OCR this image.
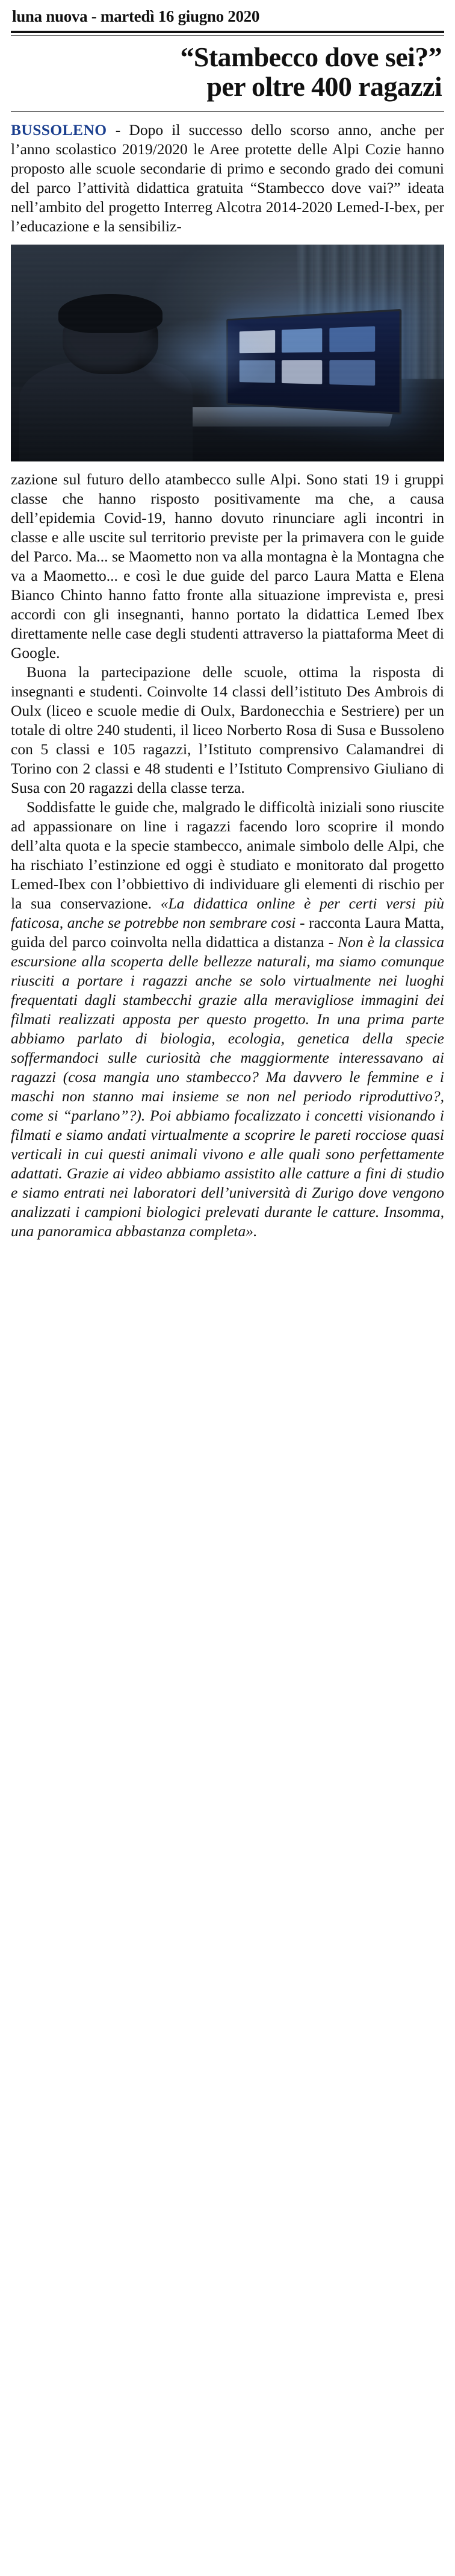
luna nuova - martedì 16 giugno 2020
“Stambecco dove sei?”
per oltre 400 ragazzi

BUSSOLENO - Dopo il successo dello scorso anno, anche per l’anno scolastico 2019/2020 le Aree protette delle Alpi Cozie hanno proposto alle scuole secondarie di primo e secondo grado dei comuni del parco l’attività didattica gratuita “Stambecco dove vai?” ideata nell’ambito del progetto Interreg Alcotra 2014-2020 Lemed-I-bex, per l’educazione e la sensibiliz-

zazione sul futuro dello atambecco sulle Alpi. Sono stati 19 i gruppi classe che hanno risposto positivamente ma che, a causa dell’epidemia Covid-19, hanno dovuto rinunciare agli incontri in classe e alle uscite sul territorio previste per la primavera con le guide del Parco. Ma... se Maometto non va alla montagna è la Montagna che va a Maometto... e così le due guide del parco Laura Matta e Elena Bianco Chinto hanno fatto fronte alla situazione imprevista e, presi accordi con gli insegnanti, hanno portato la didattica Lemed Ibex direttamente nelle case degli studenti attraverso la piattaforma Meet di Google.

Buona la partecipazione delle scuole, ottima la risposta di insegnanti e studenti. Coinvolte 14 classi dell’istituto Des Ambrois di Oulx (liceo e scuole medie di Oulx, Bardonecchia e Sestriere) per un totale di oltre 240 studenti, il liceo Norberto Rosa di Susa e Bussoleno con 5 classi e 105 ragazzi, l’Istituto comprensivo Calamandrei di Torino con 2 classi e 48 studenti e l’Istituto Comprensivo Giuliano di Susa con 20 ragazzi della classe terza.

Soddisfatte le guide che, malgrado le difficoltà iniziali sono riuscite ad appassionare on line i ragazzi facendo loro scoprire il mondo dell’alta quota e la specie stambecco, animale simbolo delle Alpi, che ha rischiato l’estinzione ed oggi è studiato e monitorato dal progetto Lemed-Ibex con l’obbiettivo di individuare gli elementi di rischio per la sua conservazione. «La didattica online è per certi versi più faticosa, anche se potrebbe non sembrare cosi - racconta Laura Matta, guida del parco coinvolta nella didattica a distanza - Non è la classica escursione alla scoperta delle bellezze naturali, ma siamo comunque riusciti a portare i ragazzi anche se solo virtualmente nei luoghi frequentati dagli stambecchi grazie alla meravigliose immagini dei filmati realizzati apposta per questo progetto. In una prima parte abbiamo parlato di biologia, ecologia, genetica della specie soffermandoci sulle curiosità che maggiormente interessavano ai ragazzi (cosa mangia uno stambecco? Ma davvero le femmine e i maschi non stanno mai insieme se non nel periodo riproduttivo?, come si “parlano”?). Poi abbiamo focalizzato i concetti visionando i filmati e siamo andati virtualmente a scoprire le pareti rocciose quasi verticali in cui questi animali vivono e alle quali sono perfettamente adattati. Grazie ai video abbiamo assistito alle catture a fini di studio e siamo entrati nei laboratori dell’università di Zurigo dove vengono analizzati i campioni biologici prelevati durante le catture. Insomma, una panoramica abbastanza completa».
